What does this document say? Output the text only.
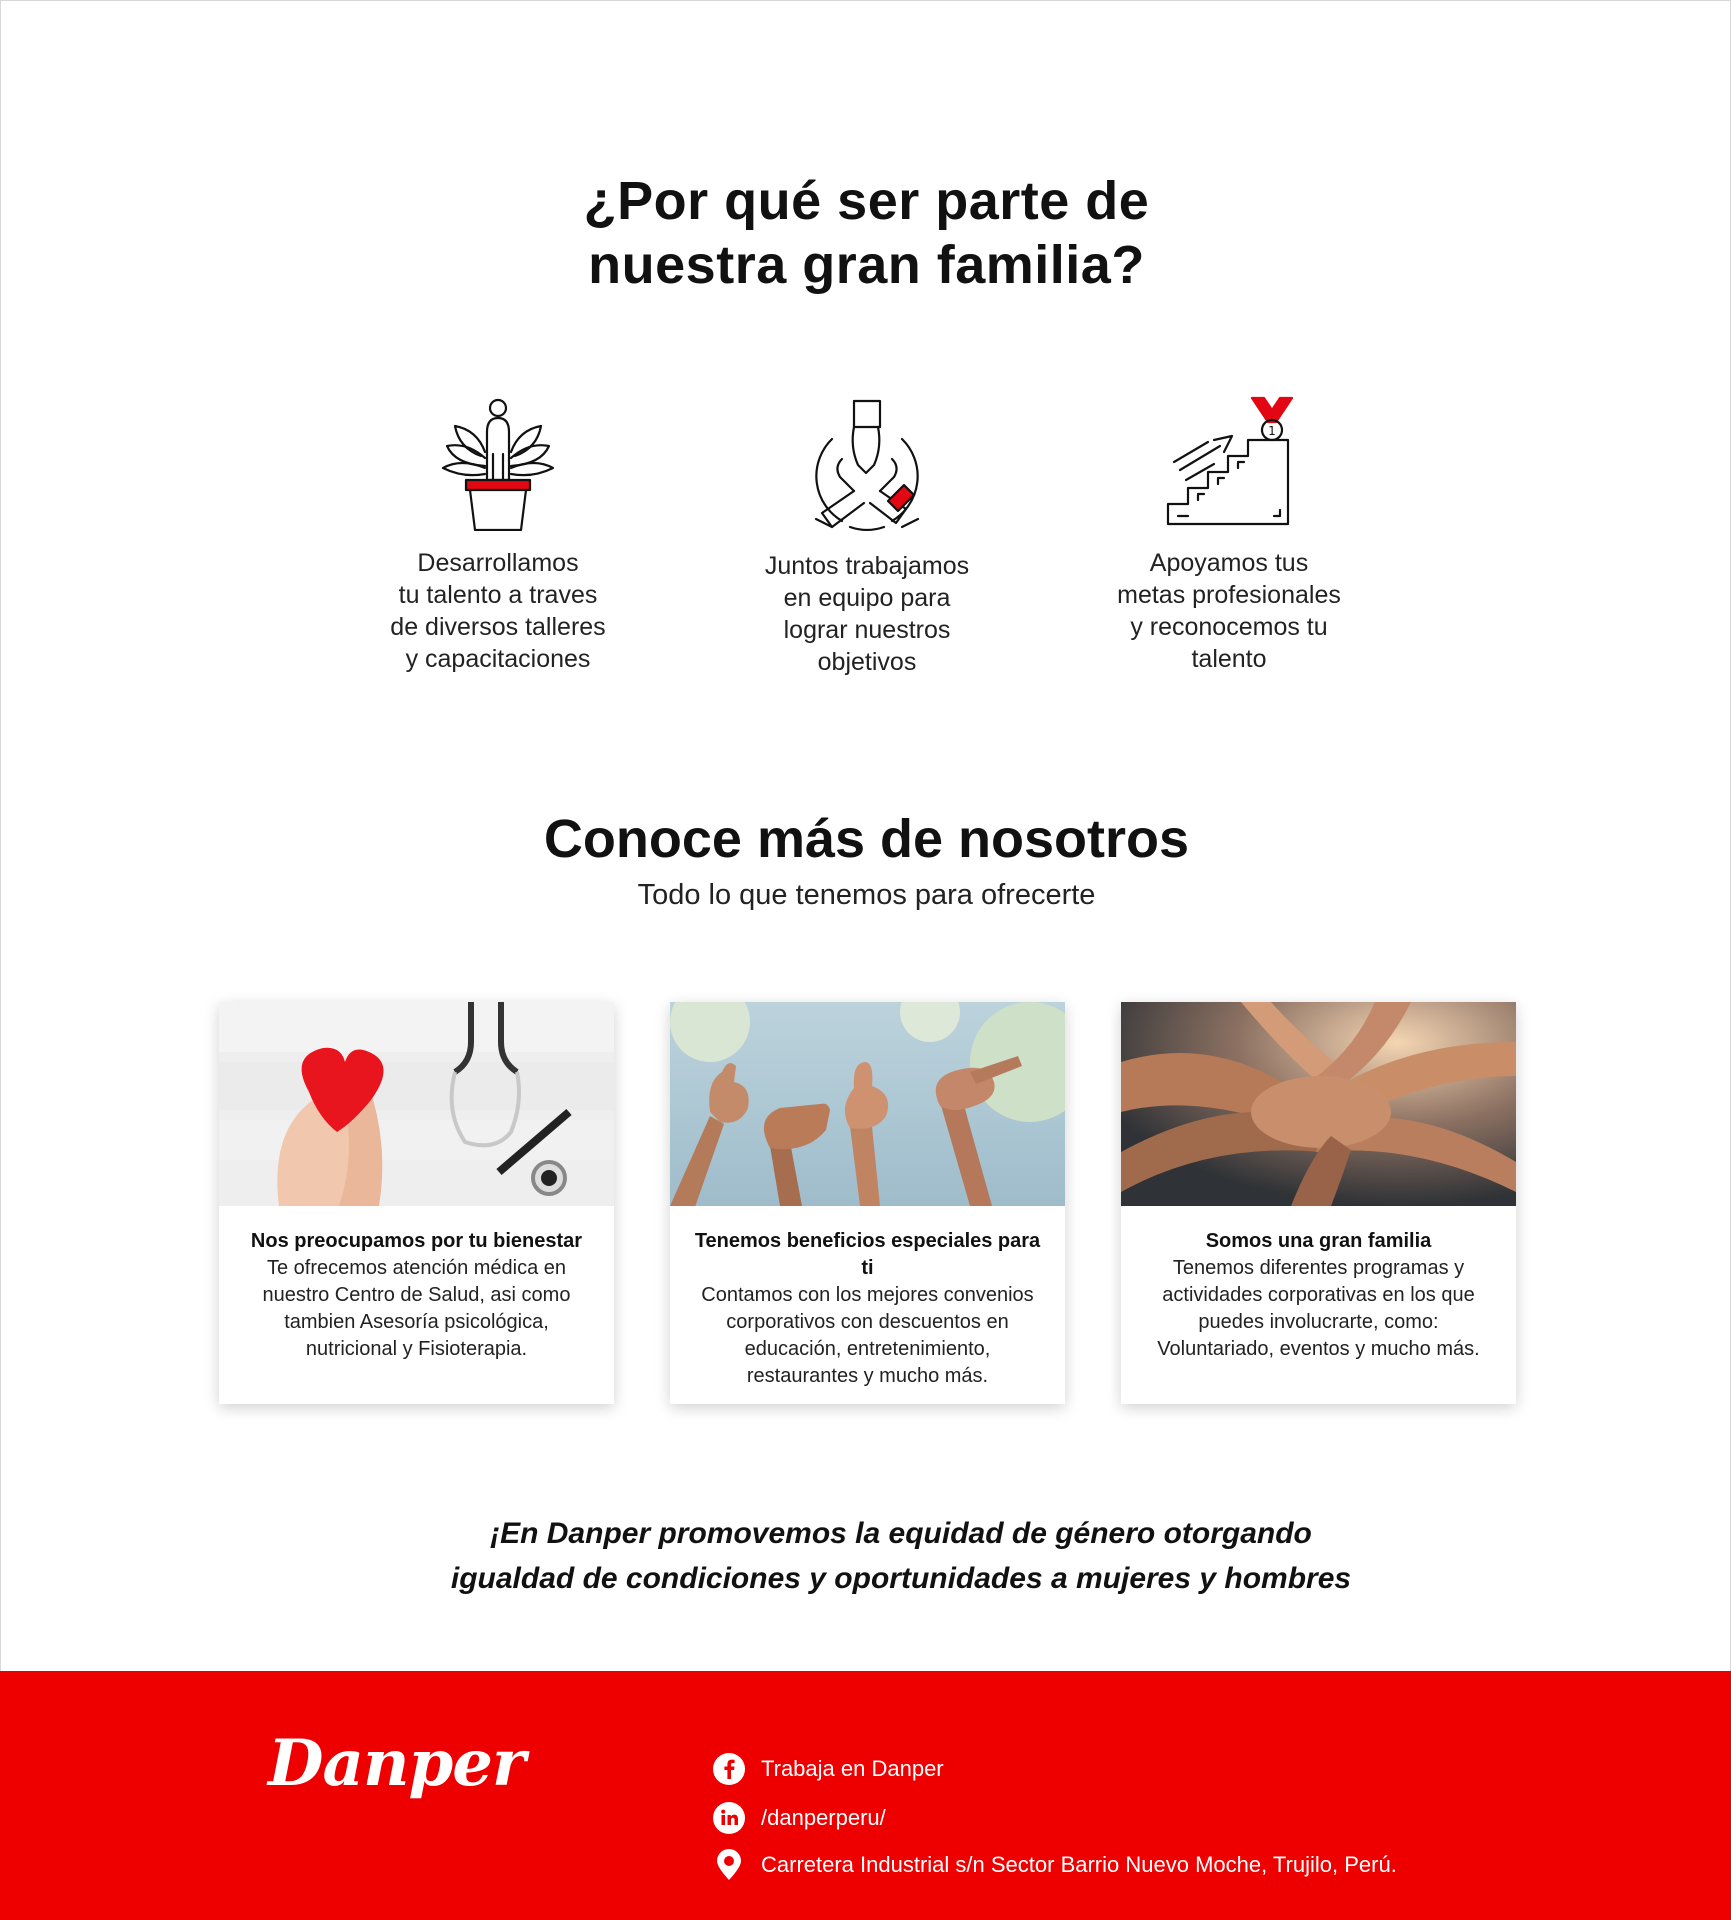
¿Por qué ser parte de
nuestra gran familia?
Desarrollamos
tu talento a traves
de diversos talleres
y capacitaciones
Juntos trabajamos
en equipo para
lograr nuestros
objetivos
1
Apoyamos tus
metas profesionales
y reconocemos tu
talento
Conoce más de nosotros
Todo lo que tenemos para ofrecerte
Nos preocupamos por tu bienestar
Te ofrecemos atención médica en
nuestro Centro de Salud, asi como
tambien Asesoría psicológica,
nutricional y Fisioterapia.
Tenemos beneficios especiales para ti
Contamos con los mejores convenios
corporativos con descuentos en
educación, entretenimiento,
restaurantes y mucho más.
Somos una gran familia
Tenemos diferentes programas y
actividades corporativas en los que
puedes involucrarte, como:
Voluntariado, eventos y mucho más.
¡En Danper promovemos la equidad de género otorgando
igualdad de condiciones y oportunidades a mujeres y hombres
Danper	Trabaja en Danper
/danperperu/
Carretera Industrial s/n Sector Barrio Nuevo Moche, Trujilo, Perú.
